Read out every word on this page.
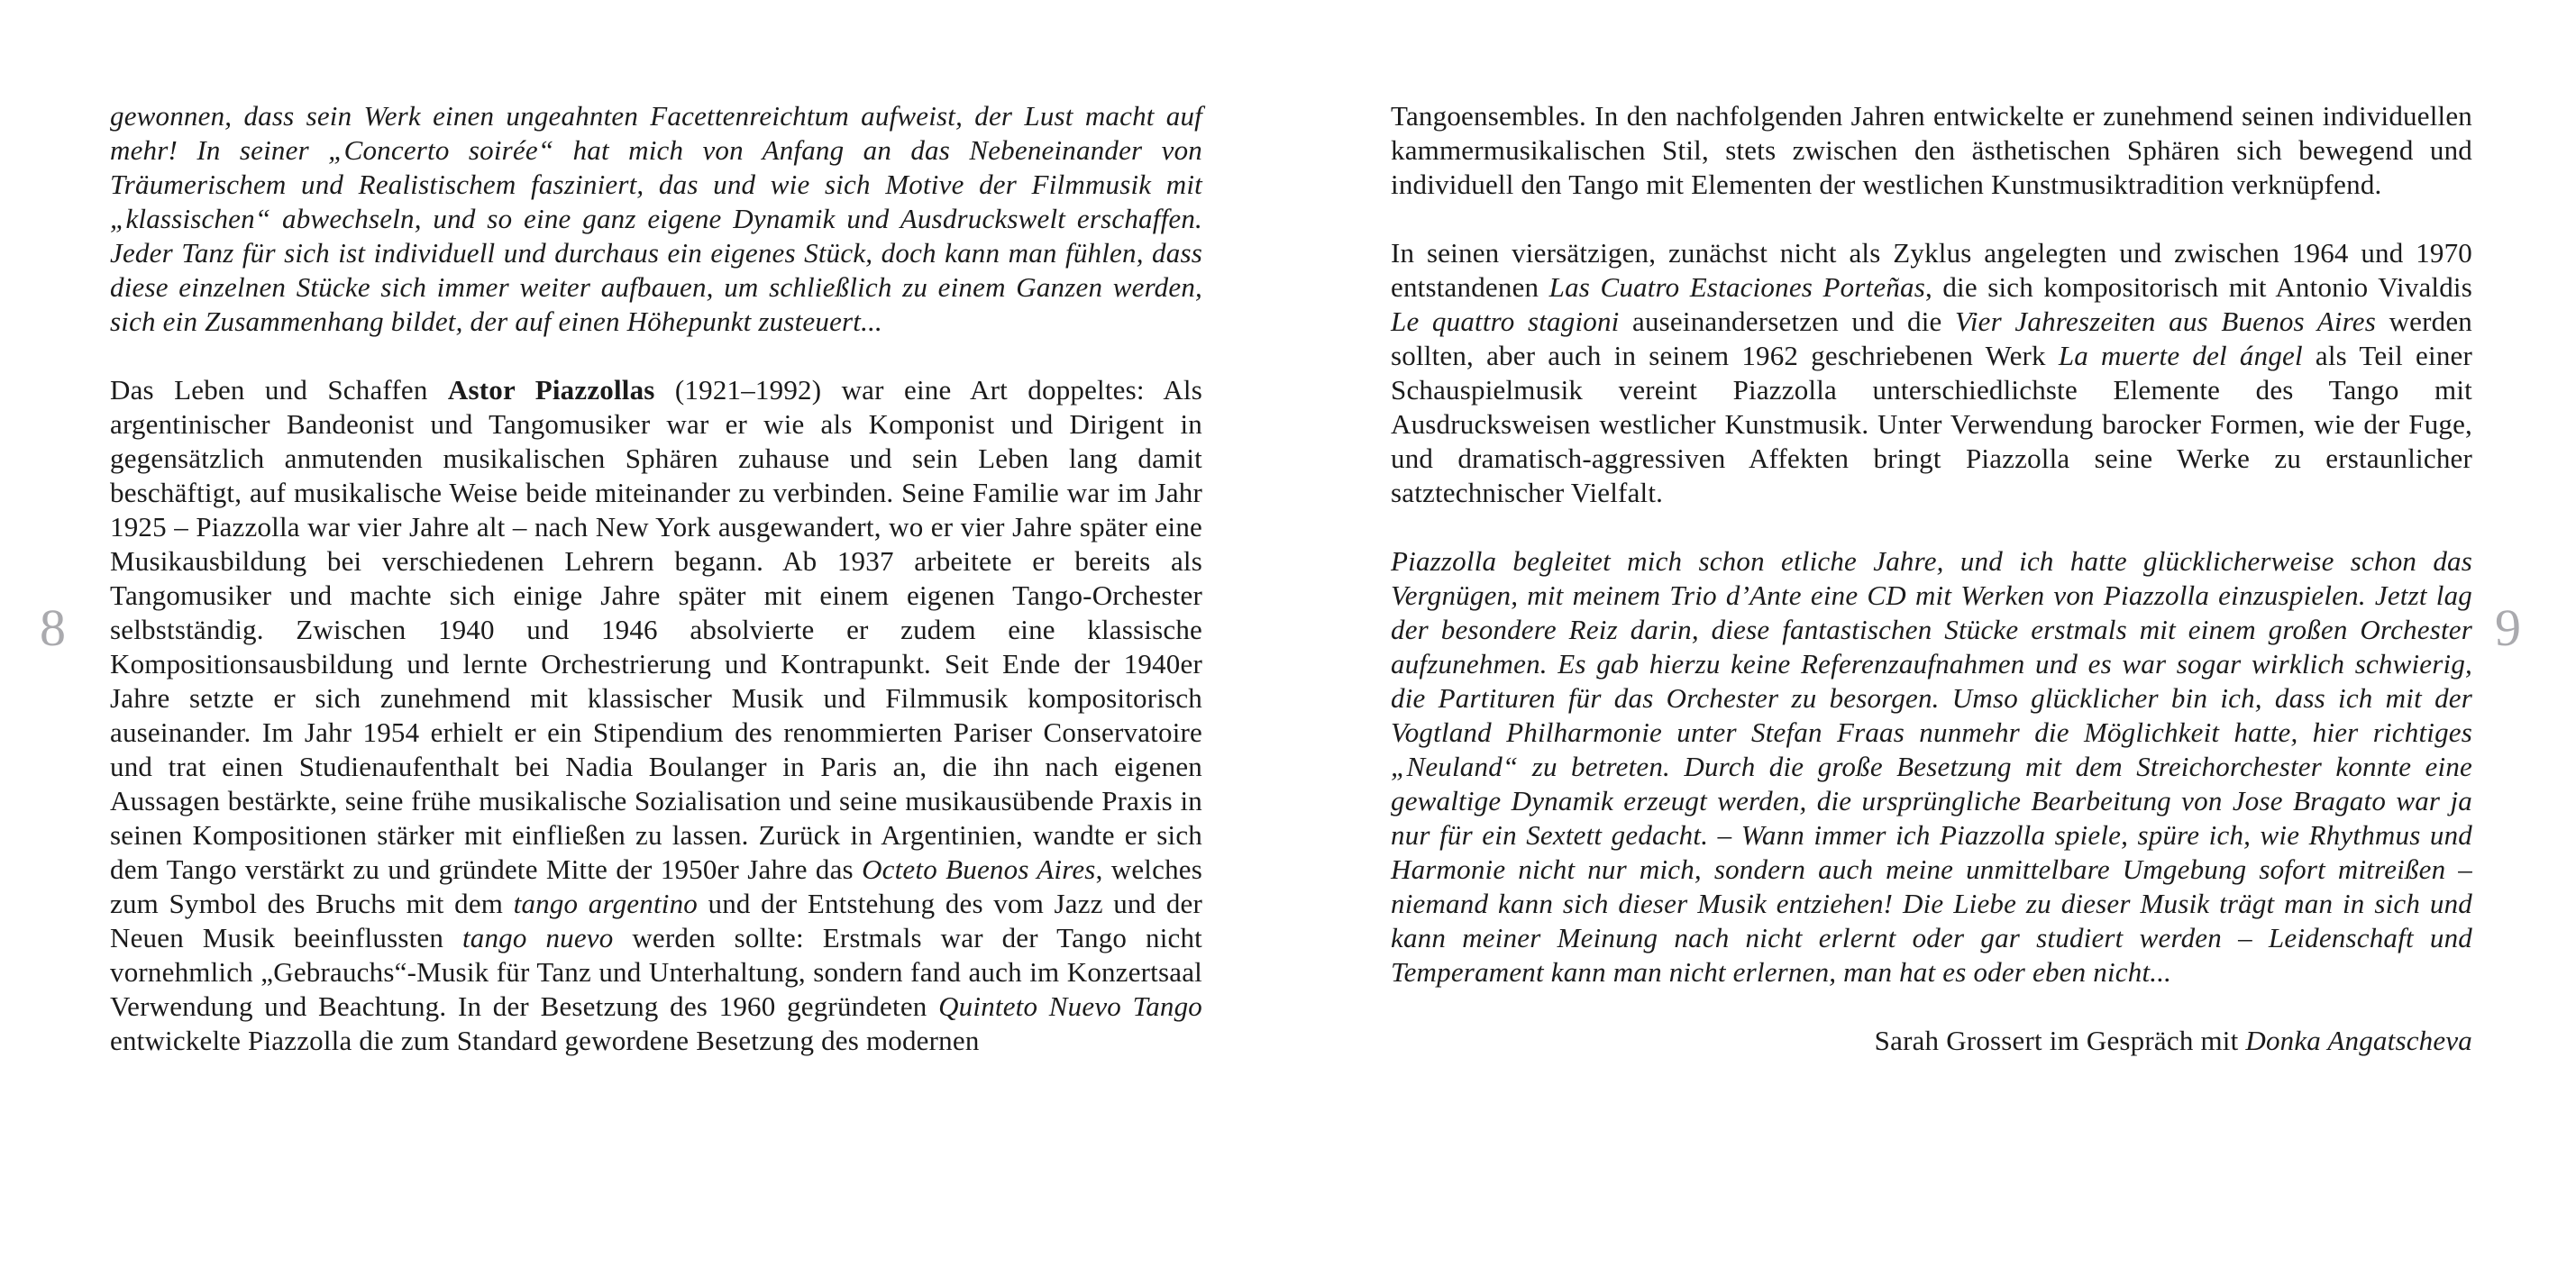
8

gewonnen, dass sein Werk einen ungeahnten Facettenreichtum aufweist, der Lust macht auf mehr! In seiner „Concerto soirée“ hat mich von Anfang an das Nebeneinander von Träumerischem und Realistischem fasziniert, das und wie sich Motive der Filmmusik mit „klassischen“ abwechseln, und so eine ganz eigene Dynamik und Ausdruckswelt erschaffen. Jeder Tanz für sich ist individuell und durchaus ein eigenes Stück, doch kann man fühlen, dass diese einzelnen Stücke sich immer weiter aufbauen, um schließlich zu einem Ganzen werden, sich ein Zusammenhang bildet, der auf einen Höhepunkt zusteuert...

Das Leben und Schaffen Astor Piazzollas (1921–1992) war eine Art doppeltes: Als argentinischer Bandeonist und Tangomusiker war er wie als Komponist und Dirigent in gegensätzlich anmutenden musikalischen Sphären zuhause und sein Leben lang damit beschäftigt, auf musikalische Weise beide miteinander zu verbinden. Seine Familie war im Jahr 1925 – Piazzolla war vier Jahre alt – nach New York ausgewandert, wo er vier Jahre später eine Musikausbildung bei verschiedenen Lehrern begann. Ab 1937 arbeitete er bereits als Tangomusiker und machte sich einige Jahre später mit einem eigenen Tango-Orchester selbstständig. Zwischen 1940 und 1946 absolvierte er zudem eine klassische Kompositionsausbildung und lernte Orchestrierung und Kontrapunkt. Seit Ende der 1940er Jahre setzte er sich zunehmend mit klassischer Musik und Filmmusik kompositorisch auseinander. Im Jahr 1954 erhielt er ein Stipendium des renommierten Pariser Conservatoire und trat einen Studienaufenthalt bei Nadia Boulanger in Paris an, die ihn nach eigenen Aussagen bestärkte, seine frühe musikalische Sozialisation und seine musikausübende Praxis in seinen Kompositionen stärker mit einfließen zu lassen. Zurück in Argentinien, wandte er sich dem Tango verstärkt zu und gründete Mitte der 1950er Jahre das Octeto Buenos Aires, welches zum Symbol des Bruchs mit dem tango argentino und der Entstehung des vom Jazz und der Neuen Musik beeinflussten tango nuevo werden sollte: Erstmals war der Tango nicht vornehmlich „Gebrauchs“-Musik für Tanz und Unterhaltung, sondern fand auch im Konzertsaal Verwendung und Beachtung. In der Besetzung des 1960 gegründeten Quinteto Nuevo Tango entwickelte Piazzolla die zum Standard gewordene Besetzung des modernen

9

Tangoensembles. In den nachfolgenden Jahren entwickelte er zunehmend seinen individuellen kammermusikalischen Stil, stets zwischen den ästhetischen Sphären sich bewegend und individuell den Tango mit Elementen der westlichen Kunstmusiktradition verknüpfend.

In seinen viersätzigen, zunächst nicht als Zyklus angelegten und zwischen 1964 und 1970 entstandenen Las Cuatro Estaciones Porteñas, die sich kompositorisch mit Antonio Vivaldis Le quattro stagioni auseinandersetzen und die Vier Jahreszeiten aus Buenos Aires werden sollten, aber auch in seinem 1962 geschriebenen Werk La muerte del ángel als Teil einer Schauspielmusik vereint Piazzolla unterschiedlichste Elemente des Tango mit Ausdrucksweisen westlicher Kunstmusik. Unter Verwendung barocker Formen, wie der Fuge, und dramatisch-aggressiven Affekten bringt Piazzolla seine Werke zu erstaunlicher satztechnischer Vielfalt.

Piazzolla begleitet mich schon etliche Jahre, und ich hatte glücklicherweise schon das Vergnügen, mit meinem Trio d’Ante eine CD mit Werken von Piazzolla einzuspielen. Jetzt lag der besondere Reiz darin, diese fantastischen Stücke erstmals mit einem großen Orchester aufzunehmen. Es gab hierzu keine Referenzaufnahmen und es war sogar wirklich schwierig, die Partituren für das Orchester zu besorgen. Umso glücklicher bin ich, dass ich mit der Vogtland Philharmonie unter Stefan Fraas nunmehr die Möglichkeit hatte, hier richtiges „Neuland“ zu betreten. Durch die große Besetzung mit dem Streichorchester konnte eine gewaltige Dynamik erzeugt werden, die ursprüngliche Bearbeitung von Jose Bragato war ja nur für ein Sextett gedacht. – Wann immer ich Piazzolla spiele, spüre ich, wie Rhythmus und Harmonie nicht nur mich, sondern auch meine unmittelbare Umgebung sofort mitreißen – niemand kann sich dieser Musik entziehen! Die Liebe zu dieser Musik trägt man in sich und kann meiner Meinung nach nicht erlernt oder gar studiert werden – Leidenschaft und Temperament kann man nicht erlernen, man hat es oder eben nicht...

Sarah Grossert im Gespräch mit Donka Angatscheva
